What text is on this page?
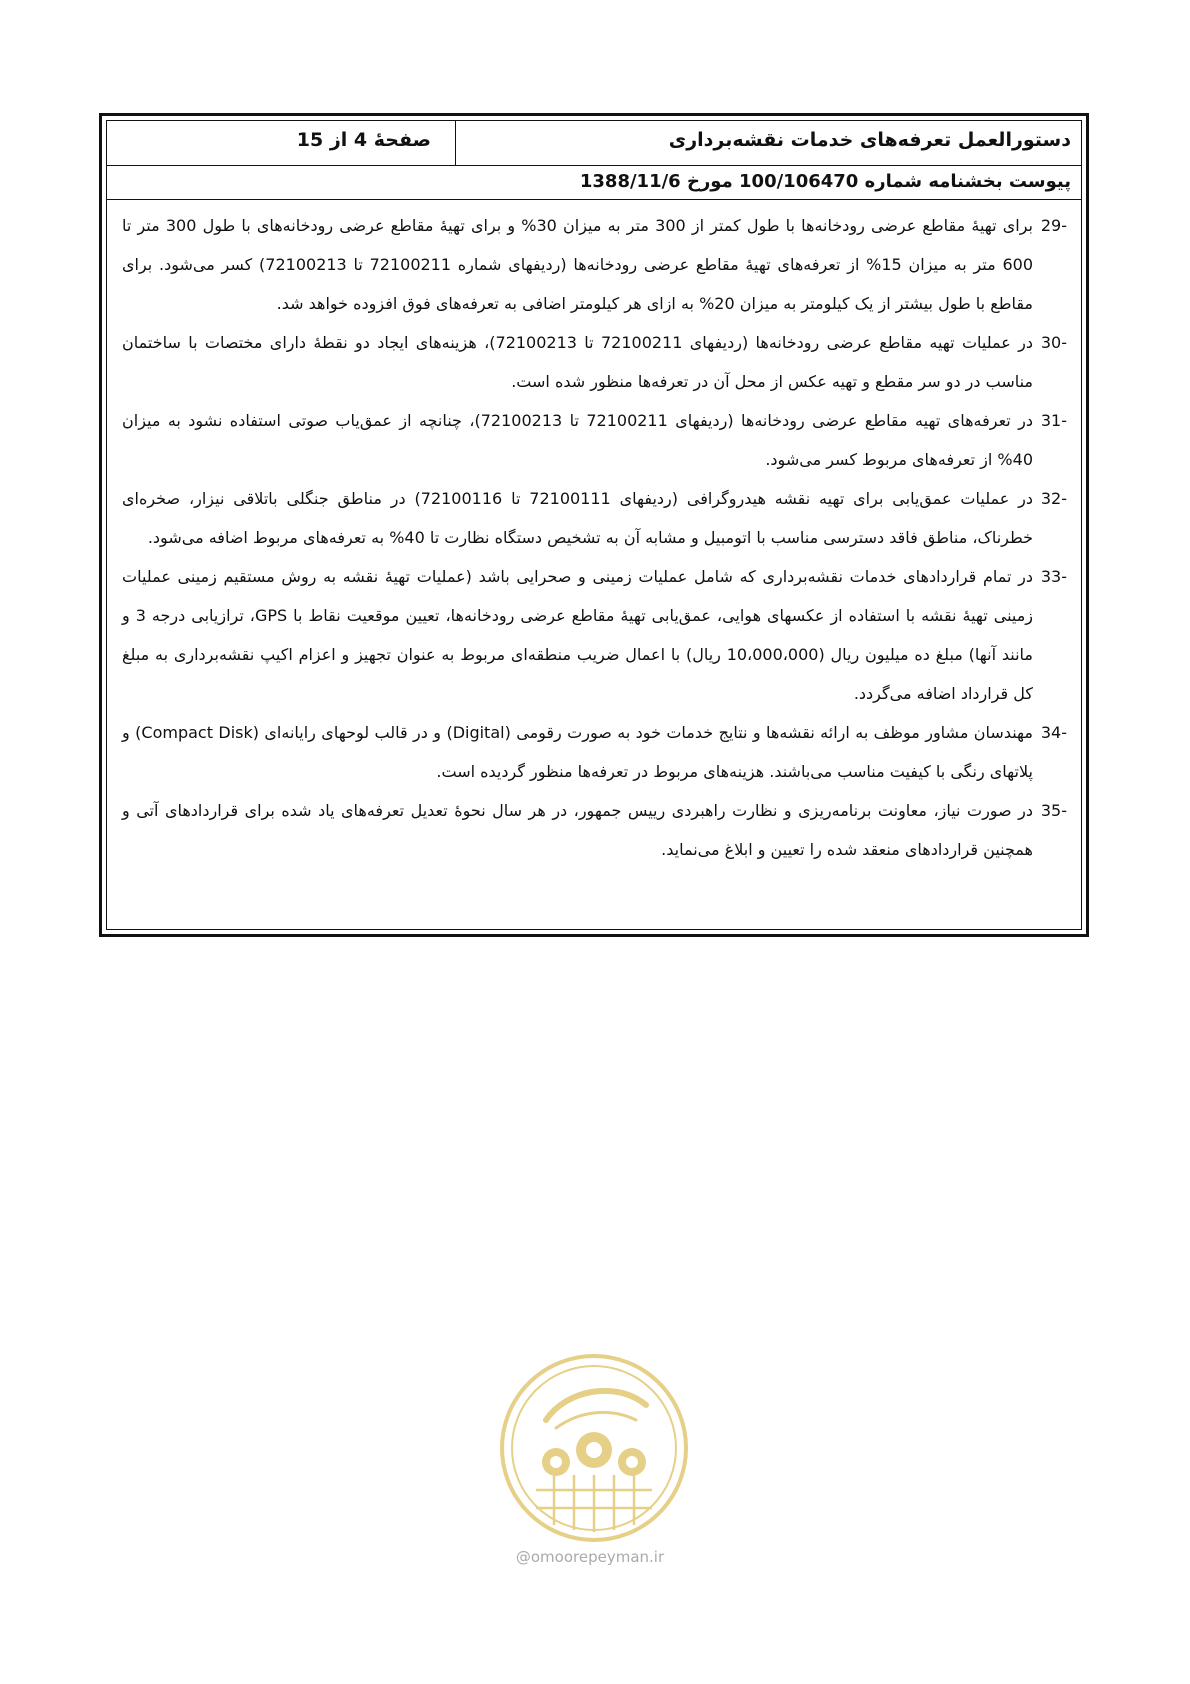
دستورالعمل تعرفه‌های خدمات نقشه‌برداری
صفحۀ 4 از 15
پیوست بخشنامه شماره 100/106470 مورخ 1388/11/6
29-
برای تهیۀ مقاطع عرضی رودخانه‌ها با طول کمتر از 300 متر به میزان 30% و برای تهیۀ مقاطع عرضی رودخانه‌های با طول 300 متر تا 600 متر به میزان 15% از تعرفه‌های تهیۀ مقاطع عرضی رودخانه‌ها (ردیفهای شماره 72100211 تا 72100213) کسر می‌شود. برای مقاطع با طول بیشتر از یک کیلومتر به میزان 20% به ازای هر کیلومتر اضافی به تعرفه‌های فوق افزوده خواهد شد.
30-
در عملیات تهیه مقاطع عرضی رودخانه‌ها (ردیفهای 72100211 تا 72100213)، هزینه‌های ایجاد دو نقطۀ دارای مختصات با ساختمان مناسب در دو سر مقطع و تهیه عکس از محل آن در تعرفه‌ها منظور شده است.
31-
در تعرفه‌های تهیه مقاطع عرضی رودخانه‌ها (ردیفهای 72100211 تا 72100213)، چنانچه از عمق‌یاب صوتی استفاده نشود به میزان 40% از تعرفه‌های مربوط کسر می‌شود.
32-
در عملیات عمق‌یابی برای تهیه نقشه هیدروگرافی (ردیفهای 72100111 تا 72100116) در مناطق جنگلی باتلاقی نیزار، صخره‌ای خطرناک، مناطق فاقد دسترسی مناسب با اتومبیل و مشابه آن به تشخیص دستگاه نظارت تا 40% به تعرفه‌های مربوط اضافه می‌شود.
33-
در تمام قراردادهای خدمات نقشه‌برداری که شامل عملیات زمینی و صحرایی باشد (عملیات تهیۀ نقشه به روش مستقیم زمینی عملیات زمینی تهیۀ نقشه با استفاده از عکسهای هوایی، عمق‌یابی تهیۀ مقاطع عرضی رودخانه‌ها، تعیین موقعیت نقاط با GPS، ترازیابی درجه 3 و مانند آنها) مبلغ ده میلیون ریال (10،000،000 ریال) با اعمال ضریب منطقه‌ای مربوط به عنوان تجهیز و اعزام اکیپ نقشه‌برداری به مبلغ کل قرارداد اضافه می‌گردد.
34-
مهندسان مشاور موظف به ارائه نقشه‌ها و نتایج خدمات خود به صورت رقومی (Digital) و در قالب لوحهای رایانه‌ای (Compact Disk) و پلاتهای رنگی با کیفیت مناسب می‌باشند. هزینه‌های مربوط در تعرفه‌ها منظور گردیده است.
35-
در صورت نیاز، معاونت برنامه‌ریزی و نظارت راهبردی رییس جمهور، در هر سال نحوۀ تعدیل تعرفه‌های یاد شده برای قراردادهای آتی و همچنین قراردادهای منعقد شده را تعیین و ابلاغ می‌نماید.
@omoorepeyman.ir
